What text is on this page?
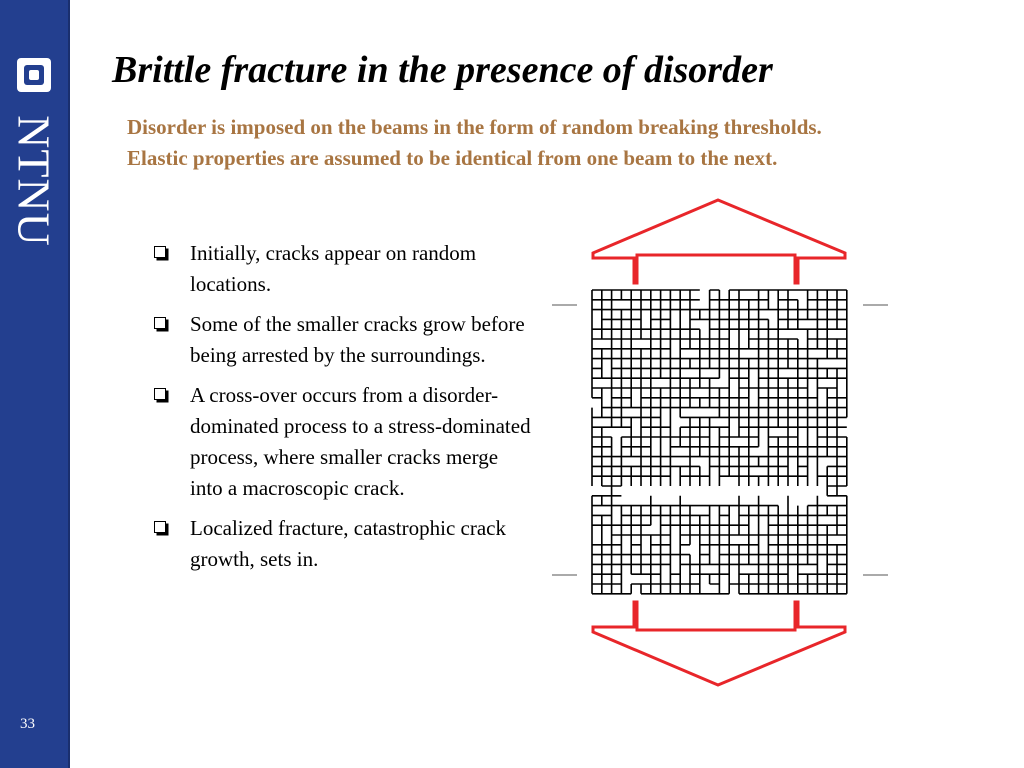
NTNU
33
Brittle fracture in the presence of disorder
Disorder is imposed on the beams in the form of random breaking thresholds. Elastic properties are assumed to be identical from one beam to the next.
Initially, cracks appear on random locations.
Some of the smaller cracks grow before being arrested by the surroundings.
A cross-over occurs from a disorder-dominated process to a stress-dominated process, where smaller cracks merge into a macroscopic crack.
Localized fracture, catastrophic crack growth, sets in.
